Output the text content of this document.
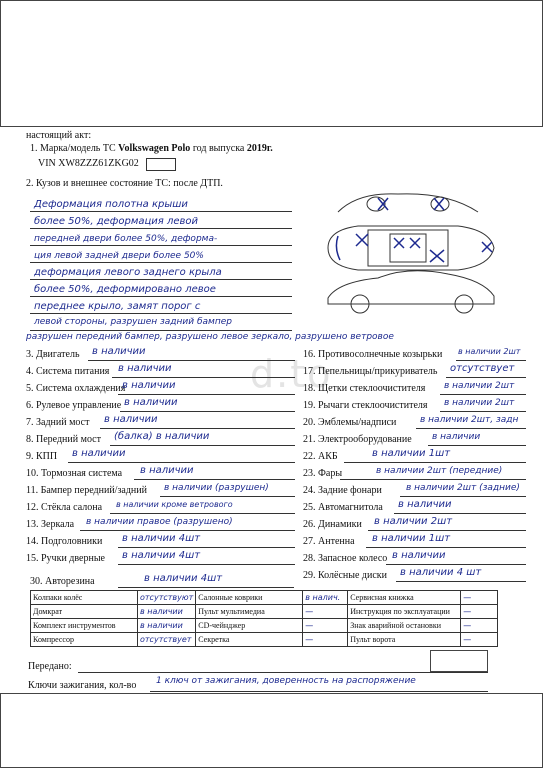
настоящий акт:
1. Марка/модель ТС Volkswagen Polo год выпуска 2019г.
VIN XW8ZZZ61ZKG02
2. Кузов и внешнее состояние ТС: после ДТП.
Деформация полотна крыши
более 50%, деформация левой
передней двери более 50%, деформа-
ция левой задней двери более 50%
деформация левого заднего крыла
более 50%, деформировано левое
переднее крыло, замят порог с
левой стороны, разрушен задний бампер
разрушен передний бампер, разрушено левое зеркало, разрушено ветровое
d.to
3. Двигатель в наличии
4. Система питания в наличии
5. Система охлаждения
в наличии
6. Рулевое управление в наличии
7. Задний мост в наличии
8. Передний мост (балка) в наличии
9. КПП в наличии
10. Тормозная система в наличии
11. Бампер передний/задний в наличии (разрушен)
12. Стёкла салона в наличии кроме ветрового
13. Зеркала в наличии правое (разрушено)
14. Подголовники в наличии 4шт
15. Ручки дверные в наличии 4шт
16. Противосолнечные козырьки в наличии 2шт
17. Пепельницы/прикуриватель отсутствует
18. Щетки стеклоочистителя в наличии 2шт
19. Рычаги стеклоочистителя в наличии 2шт
20. Эмблемы/надписи	в наличии 2шт, задн
21. Электрооборудование в наличии
22. АКБ	в наличии 1шт
23. Фары	в наличии 2шт (передние)
24. Задние фонари	в наличии 2шт (задние)
25. Автомагнитола в наличии
26. Динамики в наличии 2шт
27. Антенна в наличии 1шт
28. Запасное колесо в наличии
29. Колёсные диски в наличии 4 шт
30. Авторезина	в наличии 4шт
Колпаки колёс	отсутствуют	Салонные коврики	в налич.	Сервисная книжка	—
Домкрат	в наличии	Пульт мультимедиа	—	Инструкция по эксплуатации	—
Комплект инструментов	в наличии	CD-чейнджер	—	Знак аварийной остановки	—
Компрессор	отсутствует	Секретка	—	Пульт ворота	—
Передано:
Ключи зажигания, кол-во 1 ключ от зажигания, доверенность на распоряжение
